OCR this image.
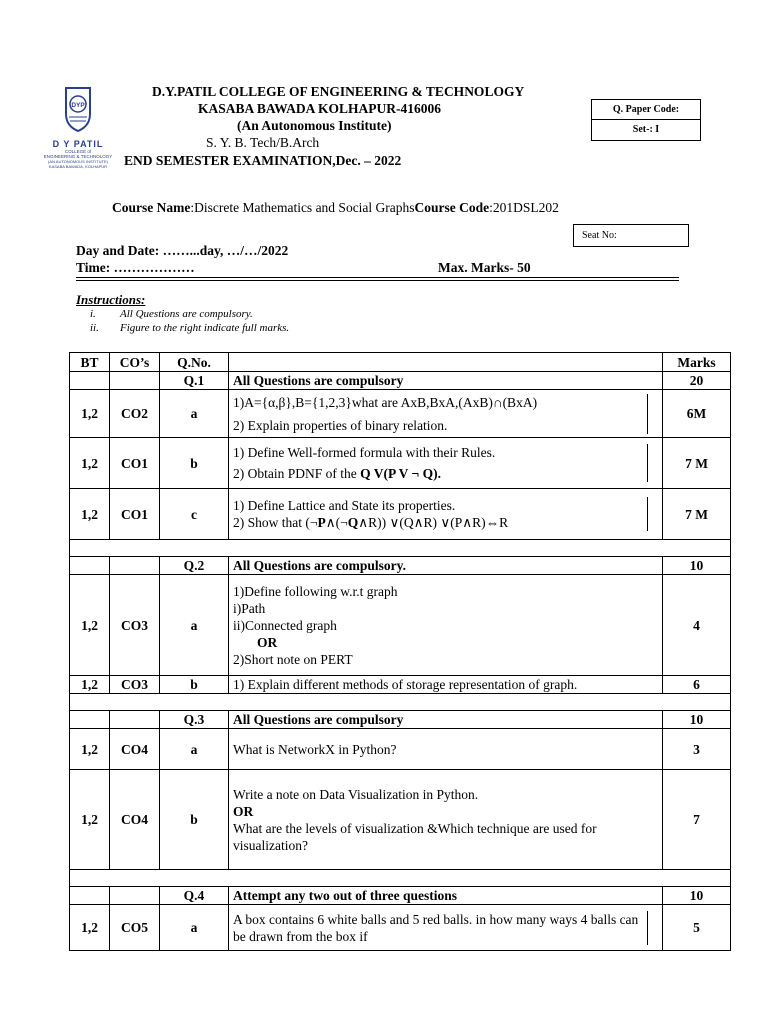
DYP
D Y PATIL
COLLEGE of
ENGINEERING & TECHNOLOGY
(AN AUTONOMOUS INSTITUTE)
KASABA BAWADA, KOLHAPUR
D.Y.PATIL COLLEGE OF ENGINEERING & TECHNOLOGY
KASABA BAWADA KOLHAPUR-416006
(An Autonomous Institute)
S. Y. B. Tech/B.Arch
END SEMESTER EXAMINATION,Dec. – 2022
Q. Paper Code:
Set-: I
Course Name:Discrete Mathematics and Social GraphsCourse Code:201DSL202
Seat No:
Day and Date: ……...day, …/…/2022
Time: ………………	Max. Marks- 50
Instructions:
i. All Questions are compulsory.
ii. Figure to the right indicate full marks.
BT	CO’s	Q.No.		Marks
		Q.1	All Questions are compulsory	20
1,2	CO2	a	1)A={α,β},B={1,2,3}what are AxB,BxA,(AxB)∩(BxA)
2) Explain properties of binary relation.	6M
1,2	CO1	b	1) Define Well-formed formula with their Rules.
2) Obtain PDNF of the Q V(P V ¬ Q).	7 M
1,2	CO1	c	1) Define Lattice and State its properties.
2) Show that (¬P∧(¬Q∧R)) ∨(Q∧R) ∨(P∧R)⇔R	7 M

		Q.2	All Questions are compulsory.	10
1,2	CO3	a	1)Define following w.r.t graph
i)Path
ii)Connected graph
OR
2)Short note on PERT	4
1,2	CO3	b	1) Explain different methods of storage representation of graph.	6

		Q.3	All Questions are compulsory	10
1,2	CO4	a	What is NetworkX in Python?	3
1,2	CO4	b	Write a note on Data Visualization in Python.
OR
What are the levels of visualization &Which technique are used for visualization?	7

		Q.4	Attempt any two out of three questions	10
1,2	CO5	a	A box contains 6 white balls and 5 red balls. in how many ways 4 balls can be drawn from the box if	5
